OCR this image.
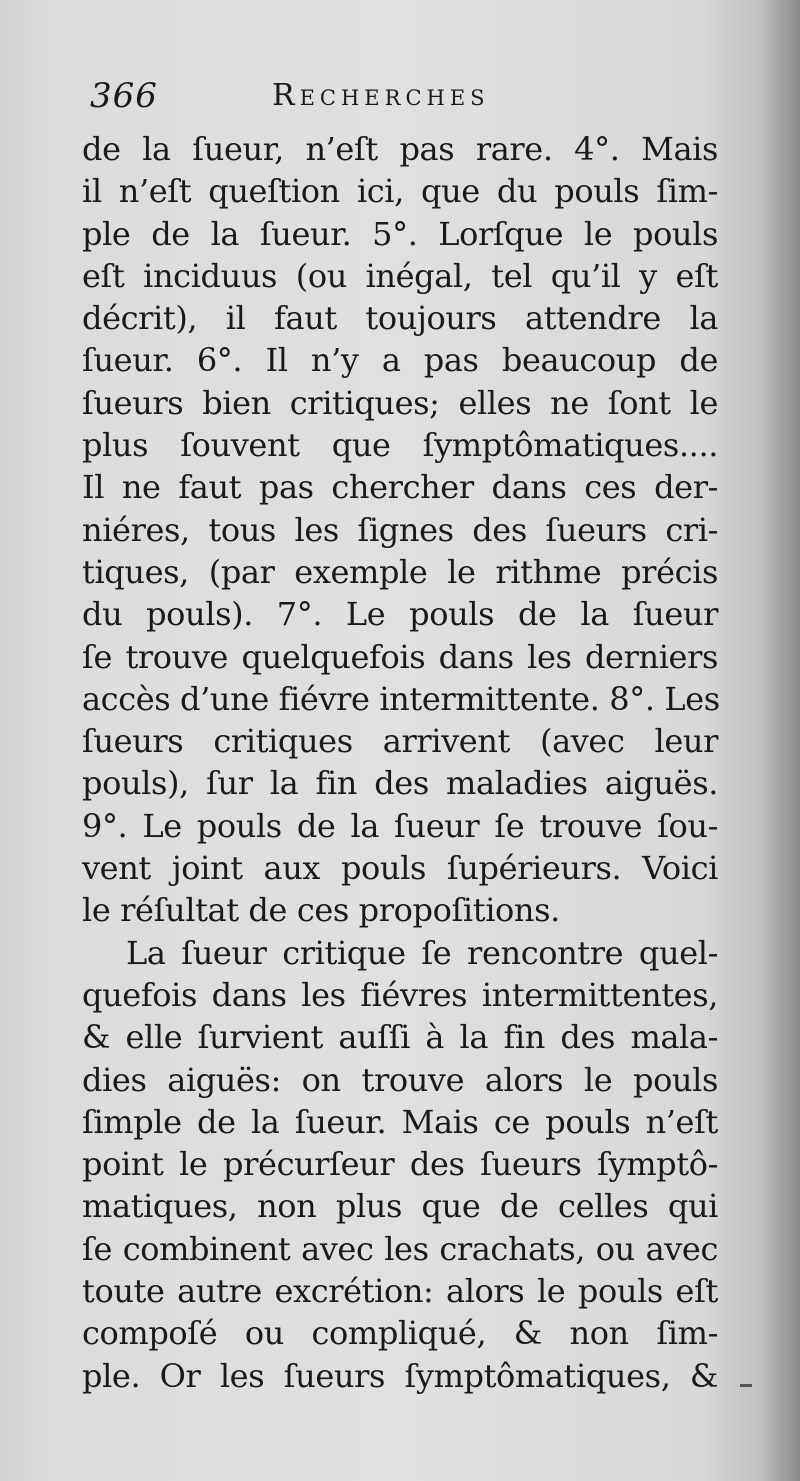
366	Recherches
de la ſueur, n’eſt pas rare. 4°. Mais
il n’eſt queſtion ici, que du pouls ſim-
ple de la ſueur. 5°. Lorſque le pouls
eſt inciduus (ou inégal, tel qu’il y eſt
décrit), il faut toujours attendre la
ſueur. 6°. Il n’y a pas beaucoup de
ſueurs bien critiques; elles ne ſont le
plus ſouvent que ſymptômatiques....
Il ne faut pas chercher dans ces der-
niéres, tous les ſignes des ſueurs cri-
tiques, (par exemple le rithme précis
du pouls). 7°. Le pouls de la ſueur
ſe trouve quelquefois dans les derniers
accès d’une fiévre intermittente. 8°. Les
ſueurs critiques arrivent (avec leur
pouls), ſur la fin des maladies aiguës.
9°. Le pouls de la ſueur ſe trouve ſou-
vent joint aux pouls ſupérieurs. Voici
le réſultat de ces propoſitions.
La ſueur critique ſe rencontre quel-
quefois dans les fiévres intermittentes,
& elle ſurvient auſſi à la fin des mala-
dies aiguës: on trouve alors le pouls
ſimple de la ſueur. Mais ce pouls n’eſt
point le précurſeur des ſueurs ſymptô-
matiques, non plus que de celles qui
ſe combinent avec les crachats, ou avec
toute autre excrétion: alors le pouls eſt
compoſé ou compliqué, & non ſim-
ple. Or les ſueurs ſymptômatiques, &
